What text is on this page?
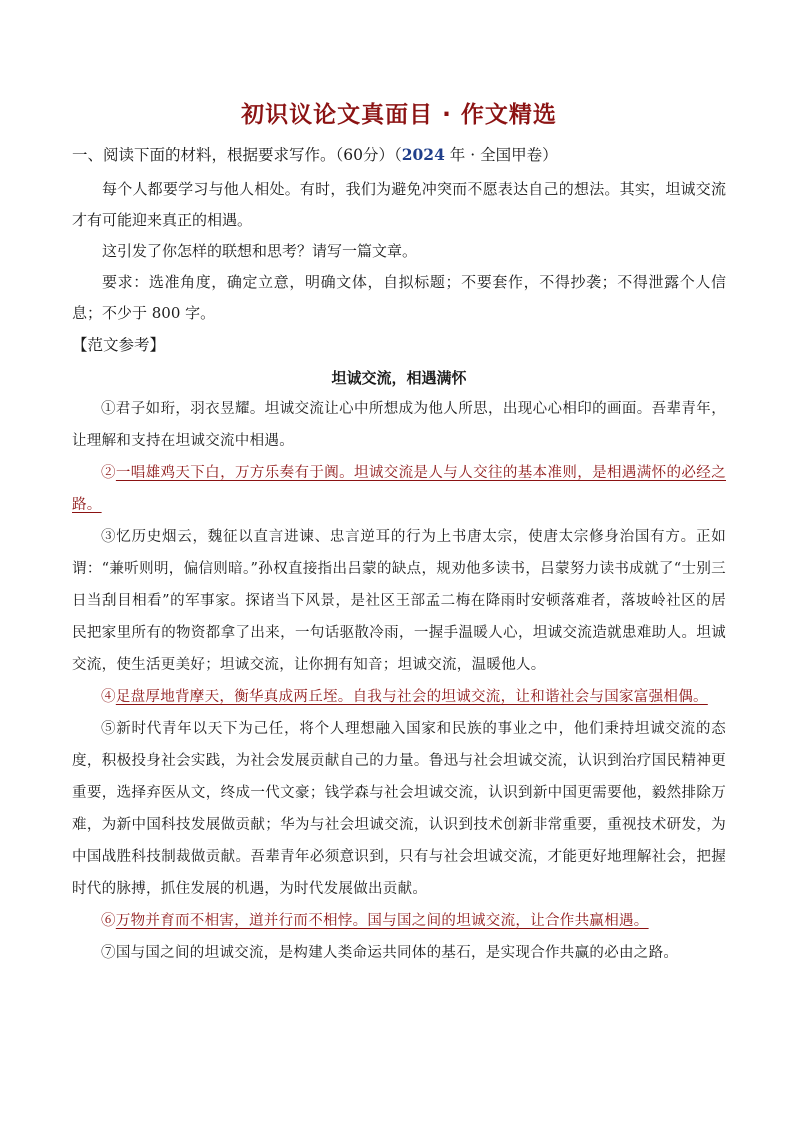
初识议论文真面目 · 作文精选
一、阅读下面的材料，根据要求写作。（60分）（2024 年 · 全国甲卷）

每个人都要学习与他人相处。有时，我们为避免冲突而不愿表达自己的想法。其实，坦诚交流才有可能迎来真正的相遇。

这引发了你怎样的联想和思考？请写一篇文章。

要求：选准角度，确定立意，明确文体，自拟标题；不要套作，不得抄袭；不得泄露个人信息；不少于 800 字。

【范文参考】
坦诚交流，相遇满怀

①君子如珩，羽衣昱耀。坦诚交流让心中所想成为他人所思，出现心心相印的画面。吾辈青年，让理解和支持在坦诚交流中相遇。

②一唱雄鸡天下白，万方乐奏有于阗。坦诚交流是人与人交往的基本准则，是相遇满怀的必经之路。

③忆历史烟云，魏征以直言进谏、忠言逆耳的行为上书唐太宗，使唐太宗修身治国有方。正如谓：“兼听则明，偏信则暗。”孙权直接指出吕蒙的缺点，规劝他多读书，吕蒙努力读书成就了“士别三日当刮目相看”的军事家。探诸当下风景，是社区王部孟二梅在降雨时安顿落难者，落坡岭社区的居民把家里所有的物资都拿了出来，一句话驱散冷雨，一握手温暖人心，坦诚交流造就患难助人。坦诚交流，使生活更美好；坦诚交流，让你拥有知音；坦诚交流，温暖他人。

④足盘厚地背摩天，衡华真成两丘垤。自我与社会的坦诚交流，让和谐社会与国家富强相偶。

⑤新时代青年以天下为己任，将个人理想融入国家和民族的事业之中，他们秉持坦诚交流的态度，积极投身社会实践，为社会发展贡献自己的力量。鲁迅与社会坦诚交流，认识到治疗国民精神更重要，选择弃医从文，终成一代文豪；钱学森与社会坦诚交流，认识到新中国更需要他，毅然排除万难，为新中国科技发展做贡献；华为与社会坦诚交流，认识到技术创新非常重要，重视技术研发，为中国战胜科技制裁做贡献。吾辈青年必须意识到，只有与社会坦诚交流，才能更好地理解社会，把握时代的脉搏，抓住发展的机遇，为时代发展做出贡献。

⑥万物并育而不相害，道并行而不相悖。国与国之间的坦诚交流，让合作共赢相遇。

⑦国与国之间的坦诚交流，是构建人类命运共同体的基石，是实现合作共赢的必由之路。
